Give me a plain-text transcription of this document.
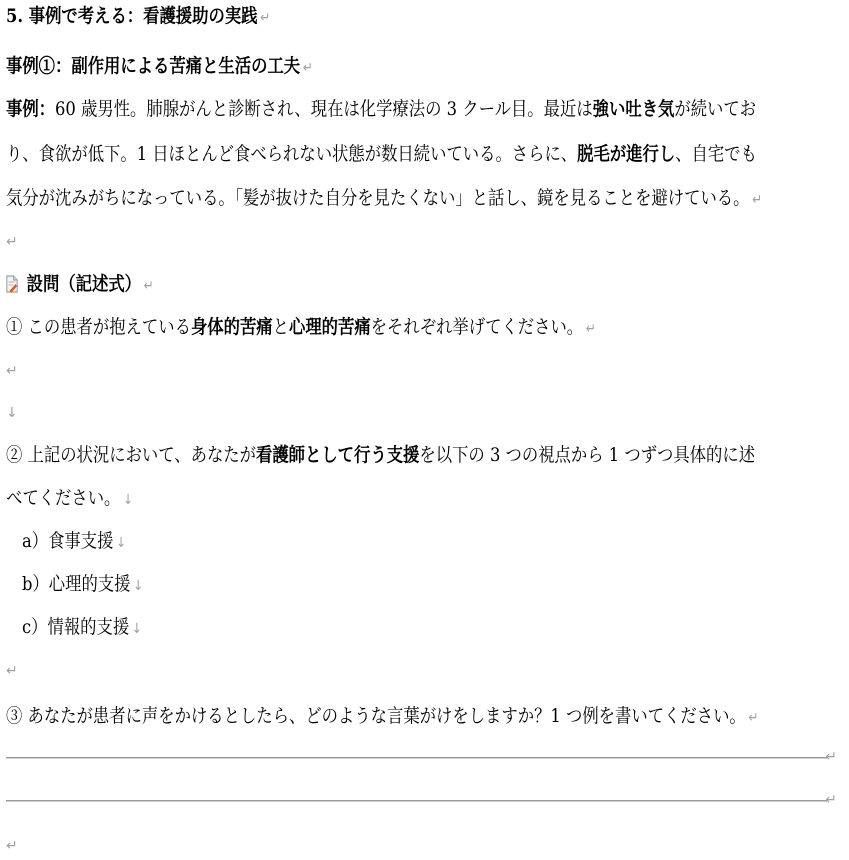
5. 事例で考える：看護援助の実践 ↵
事例①：副作用による苦痛と生活の工夫 ↵
事例：60 歳男性。肺腺がんと診断され、現在は化学療法の 3 クール目。最近は強い吐き気が続いてお
り、食欲が低下。1 日ほとんど食べられない状態が数日続いている。さらに、脱毛が進行し、自宅でも
気分が沈みがちになっている。「髪が抜けた自分を見たくない」と話し、鏡を見ることを避けている。 ↵
↵
設問（記述式） ↵
① この患者が抱えている身体的苦痛と心理的苦痛をそれぞれ挙げてください。 ↵
↵
↓
② 上記の状況において、あなたが看護師として行う支援を以下の 3 つの視点から 1 つずつ具体的に述
べてください。 ↓
a）食事支援 ↓
b）心理的支援 ↓
c）情報的支援 ↓
↵
③ あなたが患者に声をかけるとしたら、どのような言葉がけをしますか？1 つ例を書いてください。 ↵
↵
↵
↵
